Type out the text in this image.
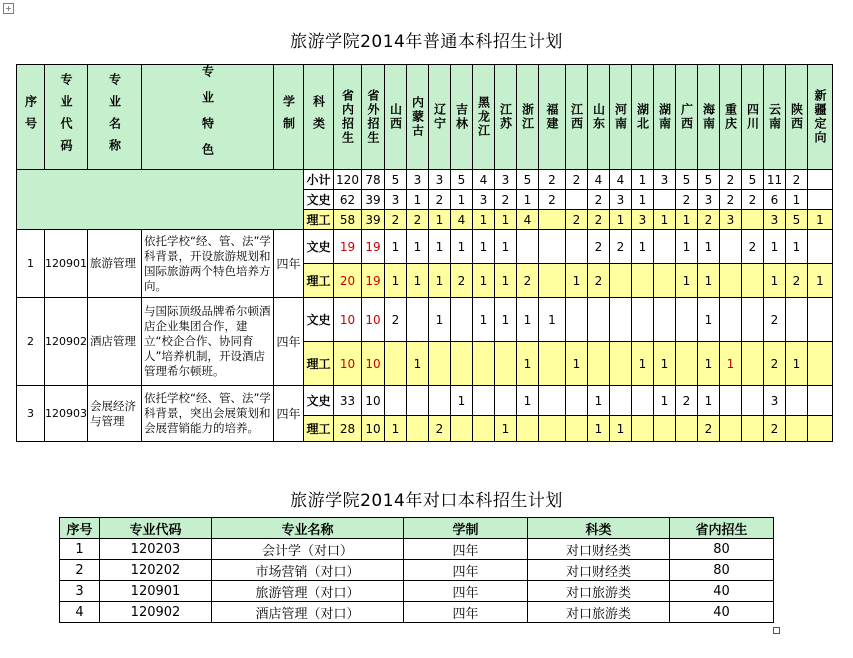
+
旅游学院2014年普通本科招生计划
序号	专业代码	专业名称	专业特色	学制	科类	省内招生	省外招生	山西	内蒙古	辽宁	吉林	黑龙江	江苏	浙江	福建	江西	山东	河南	湖北	湖南	广西	海南	重庆	四川	云南	陕西	新疆定向
					小计	120	78	5	3	3	5	4	3	5	2	2	4	4	1	3	5	5	2	5	11	2	
					文史	62	39	3	1	2	1	3	2	1	2		2	3	1		2	3	2	2	6	1	
					理工	58	39	2	2	1	4	1	1	4		2	2	1	3	1	1	2	3		3	5	1
1	120901	旅游管理	依托学校“经、管、法”学科背景，开设旅游规划和国际旅游两个特色培养方向。	四年	文史	19	19	1	1	1	1	1	1				2	2	1		1	1		2	1	1	
					理工	20	19	1	1	1	2	1	1	2		1	2				1	1			1	2	1
2	120902	酒店管理	与国际顶级品牌希尔顿酒店企业集团合作，建立“校企合作、协同育人”培养机制，开设酒店管理希尔顿班。	四年	文史	10	10	2		1		1	1	1	1							1			2		
					理工	10	10		1					1		1			1	1		1	1		2	1	
3	120903	会展经济与管理	依托学校“经、管、法”学科背景，突出会展策划和会展营销能力的培养。	四年	文史	33	10				1			1			1			1	2	1			3		
					理工	28	10	1		2			1				1	1				2			2		
旅游学院2014年对口本科招生计划
序号	专业代码	专业名称	学制	科类	省内招生
1	120203	会计学（对口）	四年	对口财经类	80
2	120202	市场营销（对口）	四年	对口财经类	80
3	120901	旅游管理（对口）	四年	对口旅游类	40
4	120902	酒店管理（对口）	四年	对口旅游类	40
